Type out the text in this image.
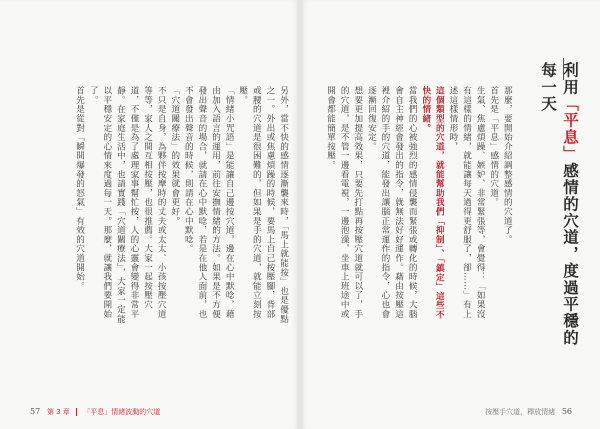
另外，當不快的感情逐漸襲來時，「馬上就能按」也是優點之一。外出或焦慮煩躁的時候，要馬上自己按壓腳，背部或腰的穴道是很困難的，但如果是手的穴道，就能立刻按壓。

「情緒小咒語」是能讓自己邊按穴道，邊在心中默唸，藉由加入語言的運用，前往安撫情緒的方法。如果是不方便發出聲音的場合，就請在心中默唸，若是在他人面前，也不會發出聲音的時候，則請在心中默唸。

「穴道關療法」的效果就會更好。

不只是自身，為夥伴按摩時的丈夫或太太、小孩按壓穴道等等，家人之間互相按壓，也很推薦。大家一起按壓穴道，不僅是為了處理家事幫忙按，人的心靈會變得非常平靜。在家庭生活中，也請實踐「穴道關療法」，大家一定能以平穩安定的心情來度過每一天。那麼，就讓我們要開始了。

首先是從對「瞬間爆發的怒氣」有效的穴道開始。

57 第 3 章 「平息」情緒波動的穴道
利用「平息」感情的穴道，度過平穩的每一天

那麼，要開始介紹調整感情的穴道了。

首先是「平息」感情的穴道。

生氣、焦慮煩躁、嫉妒、非常緊張等，會覺得：「如果沒有這樣的情緒，就能讓每天過得更舒服了，卻……」有上述這樣情形時，

這個類型的穴道，就能幫助我們「抑制」、「鎮定」這些不快的情緒。

當我們的心被強烈的感情侵襲而緊張或轉化的時候，大腦會自主神經會發出的指令，就無法好好運作。藉由按壓這裡介紹的手的穴道，能發出讓腦正常運作的指令，心也會逐漸回復安定。

想要更加提高效果，只要先打點再按壓穴道就可以了，手的穴道，是不管一邊看電視，一邊泡澡，坐車上班途中或開會都能簡單按壓。

按壓手穴道，釋放情緒 56
